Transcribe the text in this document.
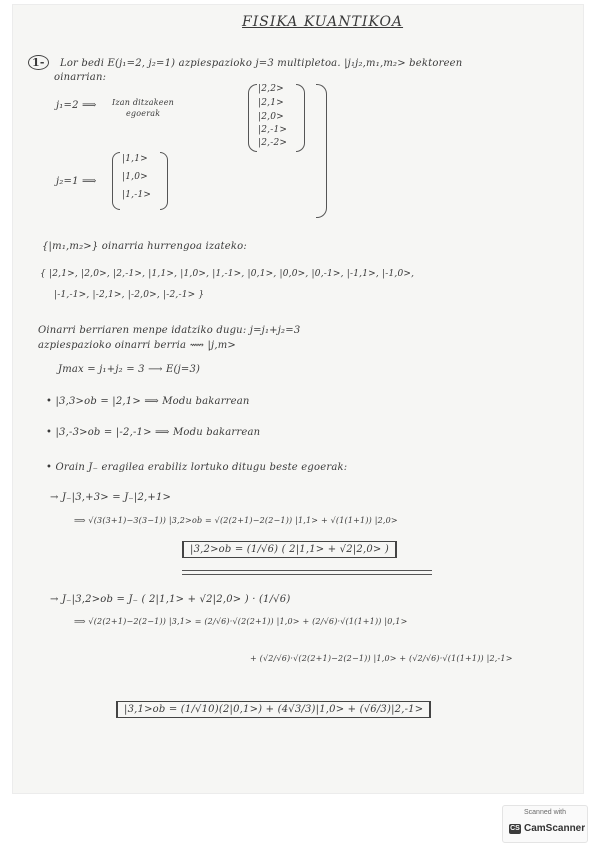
FISIKA KUANTIKOA
1-	Lor bedi E(j₁=2, j₂=1) azpiespazioko j=3 multipletoa. |j₁j₂,m₁,m₂> bektoreen
oinarrian:
j₁=2 ⟹ Izan ditzakeen
egoerak
|2,2>
|2,1>
|2,0>
|2,-1>
|2,-2>
j₂=1 ⟹
|1,1>
|1,0>
|1,-1>
{|m₁,m₂>} oinarria hurrengoa izateko:
{ |2,1>, |2,0>, |2,-1>, |1,1>, |1,0>, |1,-1>, |0,1>, |0,0>, |0,-1>, |-1,1>, |-1,0>,
|-1,-1>, |-2,1>, |-2,0>, |-2,-1> }
Oinarri berriaren menpe idatziko dugu: j=j₁+j₂=3
azpiespazioko oinarri berria ⟿ |j,m>
Jmax = j₁+j₂ = 3 ⟶ E(j=3)
• |3,3>ob = |2,1> ⟹ Modu bakarrean
• |3,-3>ob = |-2,-1> ⟹ Modu bakarrean
• Orain J₋ eragilea erabiliz lortuko ditugu beste egoerak:
→ J₋|3,+3> = J₋|2,+1>
⟹ √(3(3+1)−3(3−1)) |3,2>ob = √(2(2+1)−2(2−1)) |1,1> + √(1(1+1)) |2,0>
|3,2>ob = (1/√6) ( 2|1,1> + √2|2,0> )
→ J₋|3,2>ob = J₋ ( 2|1,1> + √2|2,0> ) · (1/√6)
⟹ √(2(2+1)−2(2−1)) |3,1> = (2/√6)·√(2(2+1)) |1,0> + (2/√6)·√(1(1+1)) |0,1>
+ (√2/√6)·√(2(2+1)−2(2−1)) |1,0> + (√2/√6)·√(1(1+1)) |2,-1>
|3,1>ob = (1/√10)(2|0,1>) + (4√3/3)|1,0> + (√6/3)|2,-1>
Scanned with
CS CamScanner
